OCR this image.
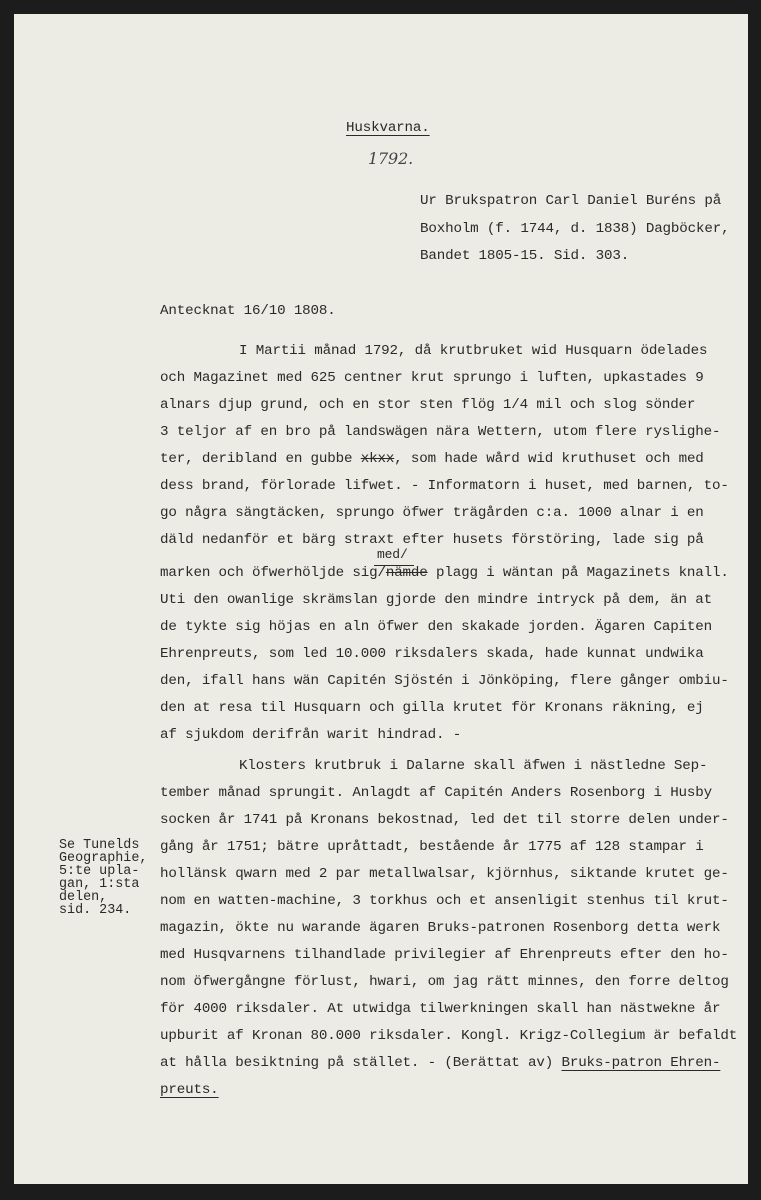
Huskvarna.
1792.
Ur Brukspatron Carl Daniel Buréns på
Boxholm (f. 1744, d. 1838) Dagböcker,
Bandet 1805-15. Sid. 303.
Antecknat 16/10 1808.
I Martii månad 1792, då krutbruket wid Husquarn ödelades
och Magazinet med 625 centner krut sprungo i luften, upkastades 9
alnars djup grund, och en stor sten flög 1/4 mil och slog sönder
3 teljor af en bro på landswägen nära Wettern, utom flere ryslighe-
ter, deribland en gubbe xkxx, som hade wård wid kruthuset och med
dess brand, förlorade lifwet. - Informatorn i huset, med barnen, to-
go några sängtäcken, sprungo öfwer trägården c:a. 1000 alnar i en
däld nedanför et bärg straxt efter husets förstöring, lade sig på
med/
marken och öfwerhöljde sig/nämde plagg i wäntan på Magazinets knall.
Uti den owanlige skrämslan gjorde den mindre intryck på dem, än at
de tykte sig höjas en aln öfwer den skakade jorden. Ägaren Capiten
Ehrenpreuts, som led 10.000 riksdalers skada, hade kunnat undwika
den, ifall hans wän Capitén Sjöstén i Jönköping, flere gånger ombiu-
den at resa til Husquarn och gilla krutet för Kronans räkning, ej
af sjukdom derifrån warit hindrad. -
Klosters krutbruk i Dalarne skall äfwen i nästledne Sep-
tember månad sprungit. Anlagdt af Capitén Anders Rosenborg i Husby
socken år 1741 på Kronans bekostnad, led det til storre delen under-
gång år 1751; bätre upråttadt, bestående år 1775 af 128 stampar i
hollänsk qwarn med 2 par metallwalsar, kjörnhus, siktande krutet ge-
nom en watten-machine, 3 torkhus och et ansenligit stenhus til krut-
magazin, ökte nu warande ägaren Bruks-patronen Rosenborg detta werk
med Husqvarnens tilhandlade privilegier af Ehrenpreuts efter den ho-
nom öfwergångne förlust, hwari, om jag rätt minnes, den forre deltog
för 4000 riksdaler. At utwidga tilwerkningen skall han nästwekne år
upburit af Kronan 80.000 riksdaler. Kongl. Krigz-Collegium är befaldt
at hålla besiktning på stället. - (Berättat av) Bruks-patron Ehren-
preuts.
Se Tunelds
Geographie,
5:te upla-
gan, 1:sta
delen,
sid. 234.
